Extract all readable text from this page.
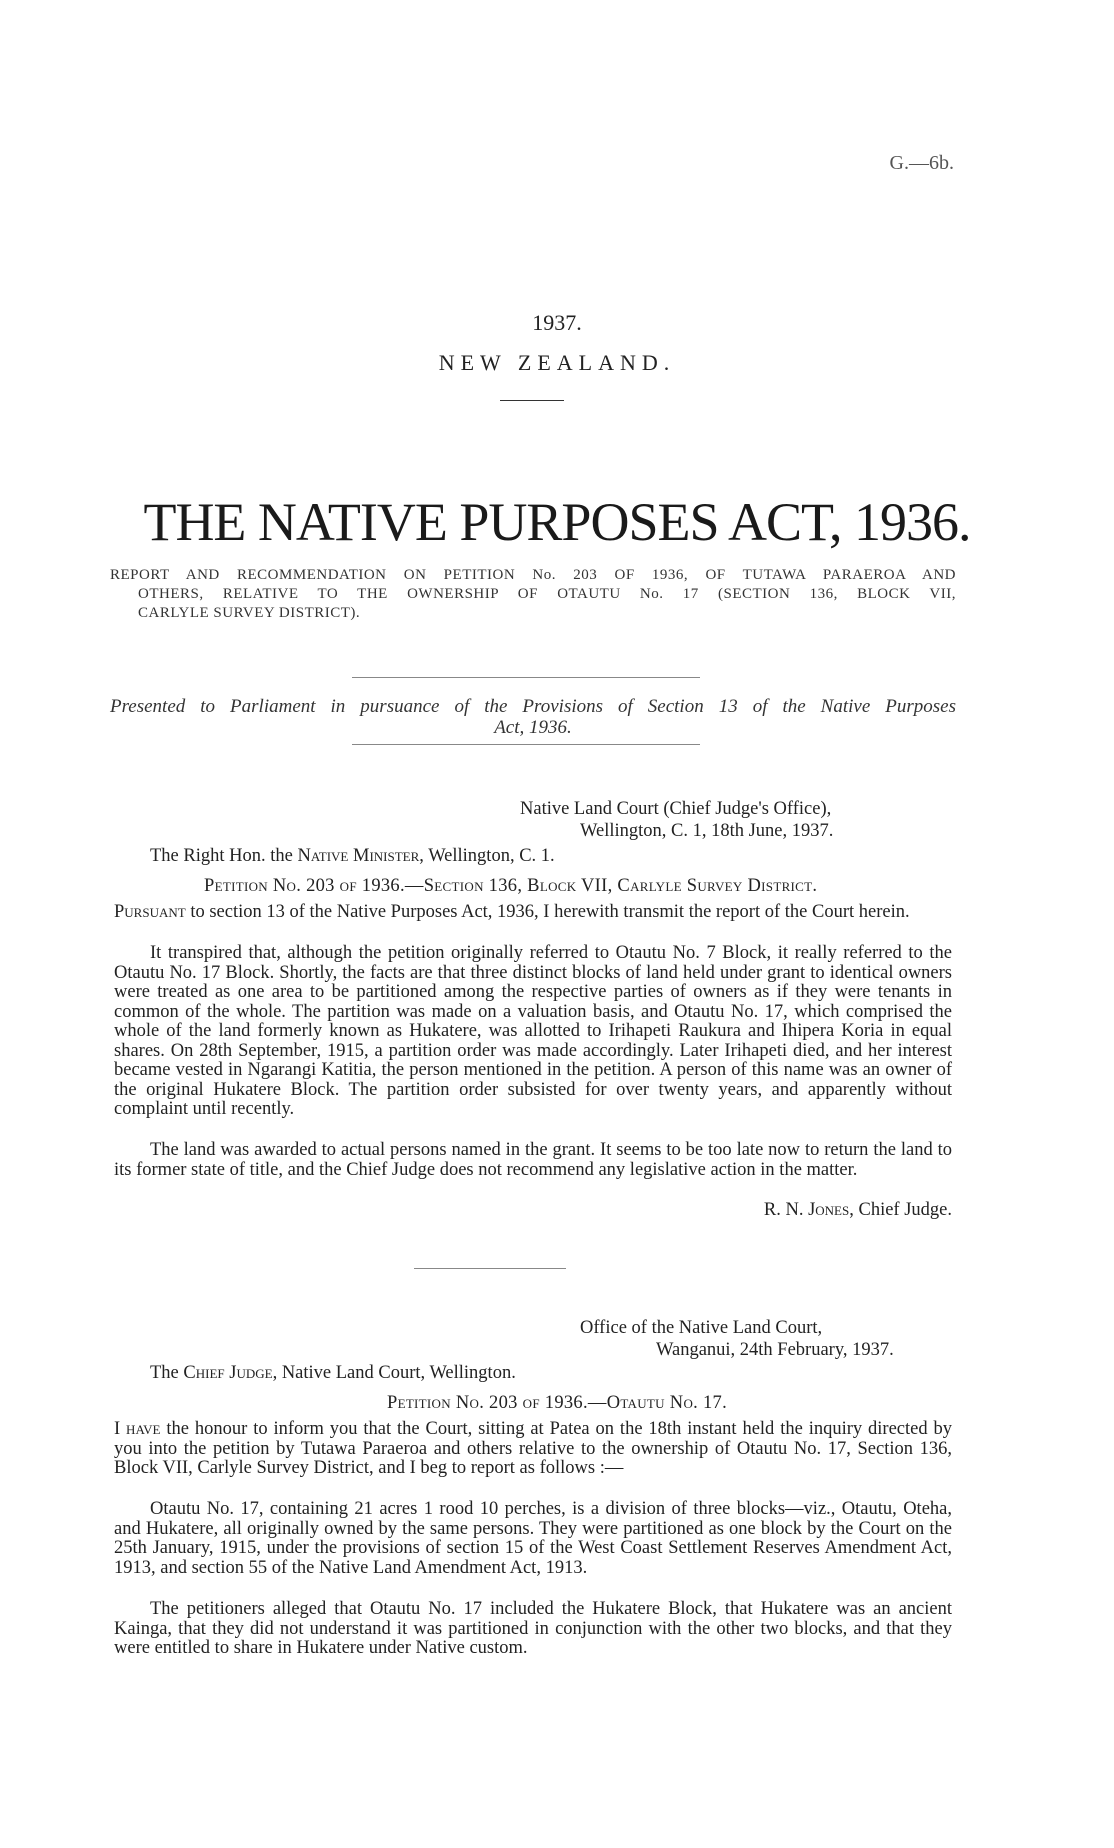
G.—6b.
1937.
NEW ZEALAND.
THE NATIVE PURPOSES ACT, 1936.
REPORT AND RECOMMENDATION ON PETITION No. 203 OF 1936, OF TUTAWA PARAEROA AND
OTHERS, RELATIVE TO THE OWNERSHIP OF OTAUTU No. 17 (SECTION 136, BLOCK VII,
CARLYLE SURVEY DISTRICT).
Presented to Parliament in pursuance of the Provisions of Section 13 of the Native Purposes
Act, 1936.
Native Land Court (Chief Judge's Office),
Wellington, C. 1, 18th June, 1937.
The Right Hon. the Native Minister, Wellington, C. 1.
Petition No. 203 of 1936.—Section 136, Block VII, Carlyle Survey District.
Pursuant to section 13 of the Native Purposes Act, 1936, I herewith transmit the report of the Court herein.
It transpired that, although the petition originally referred to Otautu No. 7 Block, it really referred to the Otautu No. 17 Block. Shortly, the facts are that three distinct blocks of land held under grant to identical owners were treated as one area to be partitioned among the respective parties of owners as if they were tenants in common of the whole. The partition was made on a valuation basis, and Otautu No. 17, which comprised the whole of the land formerly known as Hukatere, was allotted to Irihapeti Raukura and Ihipera Koria in equal shares. On 28th September, 1915, a partition order was made accordingly. Later Irihapeti died, and her interest became vested in Ngarangi Katitia, the person mentioned in the petition. A person of this name was an owner of the original Hukatere Block. The partition order subsisted for over twenty years, and apparently without complaint until recently.
The land was awarded to actual persons named in the grant. It seems to be too late now to return the land to its former state of title, and the Chief Judge does not recommend any legislative action in the matter.
R. N. Jones, Chief Judge.
Office of the Native Land Court,
Wanganui, 24th February, 1937.
The Chief Judge, Native Land Court, Wellington.
Petition No. 203 of 1936.—Otautu No. 17.
I have the honour to inform you that the Court, sitting at Patea on the 18th instant held the inquiry directed by you into the petition by Tutawa Paraeroa and others relative to the ownership of Otautu No. 17, Section 136, Block VII, Carlyle Survey District, and I beg to report as follows :—
Otautu No. 17, containing 21 acres 1 rood 10 perches, is a division of three blocks—viz., Otautu, Oteha, and Hukatere, all originally owned by the same persons. They were partitioned as one block by the Court on the 25th January, 1915, under the provisions of section 15 of the West Coast Settlement Reserves Amendment Act, 1913, and section 55 of the Native Land Amendment Act, 1913.
The petitioners alleged that Otautu No. 17 included the Hukatere Block, that Hukatere was an ancient Kainga, that they did not understand it was partitioned in conjunction with the other two blocks, and that they were entitled to share in Hukatere under Native custom.
